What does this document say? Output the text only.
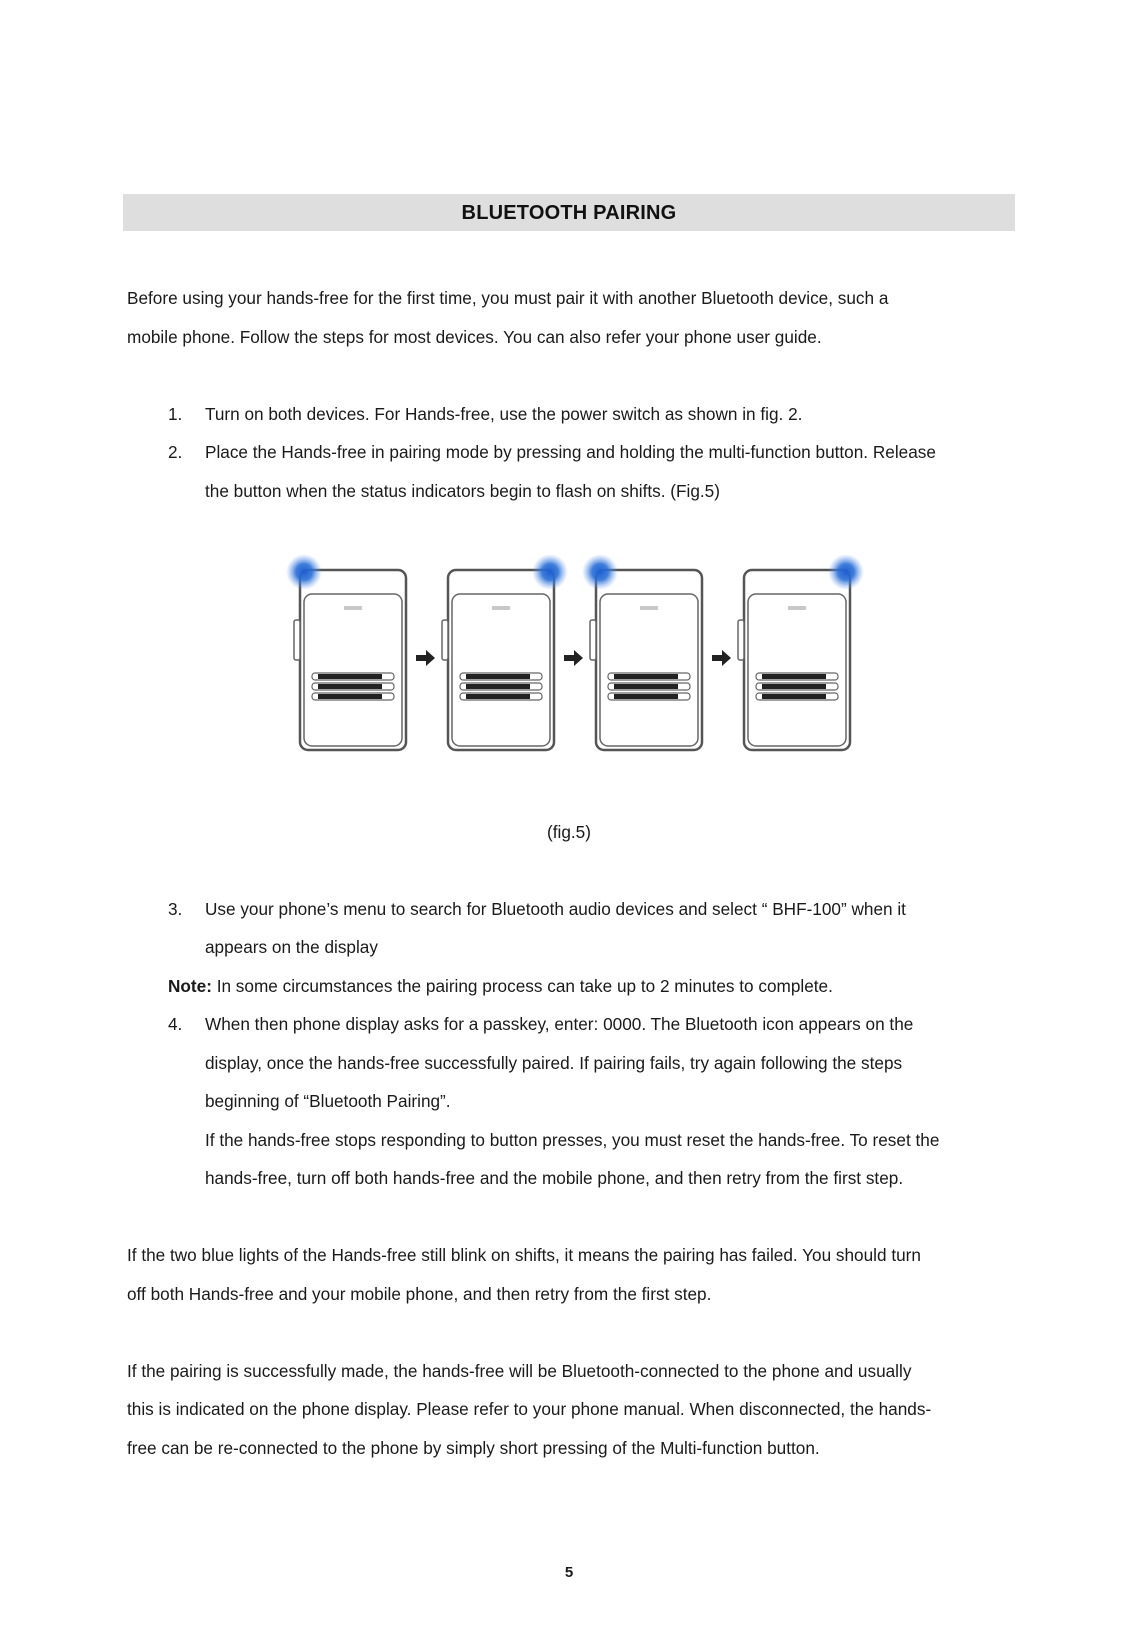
BLUETOOTH PAIRING
Before using your hands-free for the first time, you must pair it with another Bluetooth device, such a
mobile phone. Follow the steps for most devices. You can also refer your phone user guide.
1. Turn on both devices. For Hands-free, use the power switch as shown in fig. 2.
2. Place the Hands-free in pairing mode by pressing and holding the multi-function button. Release
the button when the status indicators begin to flash on shifts. (Fig.5)
(fig.5)
3. Use your phone’s menu to search for Bluetooth audio devices and select “ BHF-100” when it
appears on the display
Note: In some circumstances the pairing process can take up to 2 minutes to complete.
4. When then phone display asks for a passkey, enter: 0000. The Bluetooth icon appears on the
display, once the hands-free successfully paired. If pairing fails, try again following the steps
beginning of “Bluetooth Pairing”.
If the hands-free stops responding to button presses, you must reset the hands-free. To reset the
hands-free, turn off both hands-free and the mobile phone, and then retry from the first step.
If the two blue lights of the Hands-free still blink on shifts, it means the pairing has failed. You should turn
off both Hands-free and your mobile phone, and then retry from the first step.
If the pairing is successfully made, the hands-free will be Bluetooth-connected to the phone and usually
this is indicated on the phone display. Please refer to your phone manual. When disconnected, the hands-
free can be re-connected to the phone by simply short pressing of the Multi-function button.
5
